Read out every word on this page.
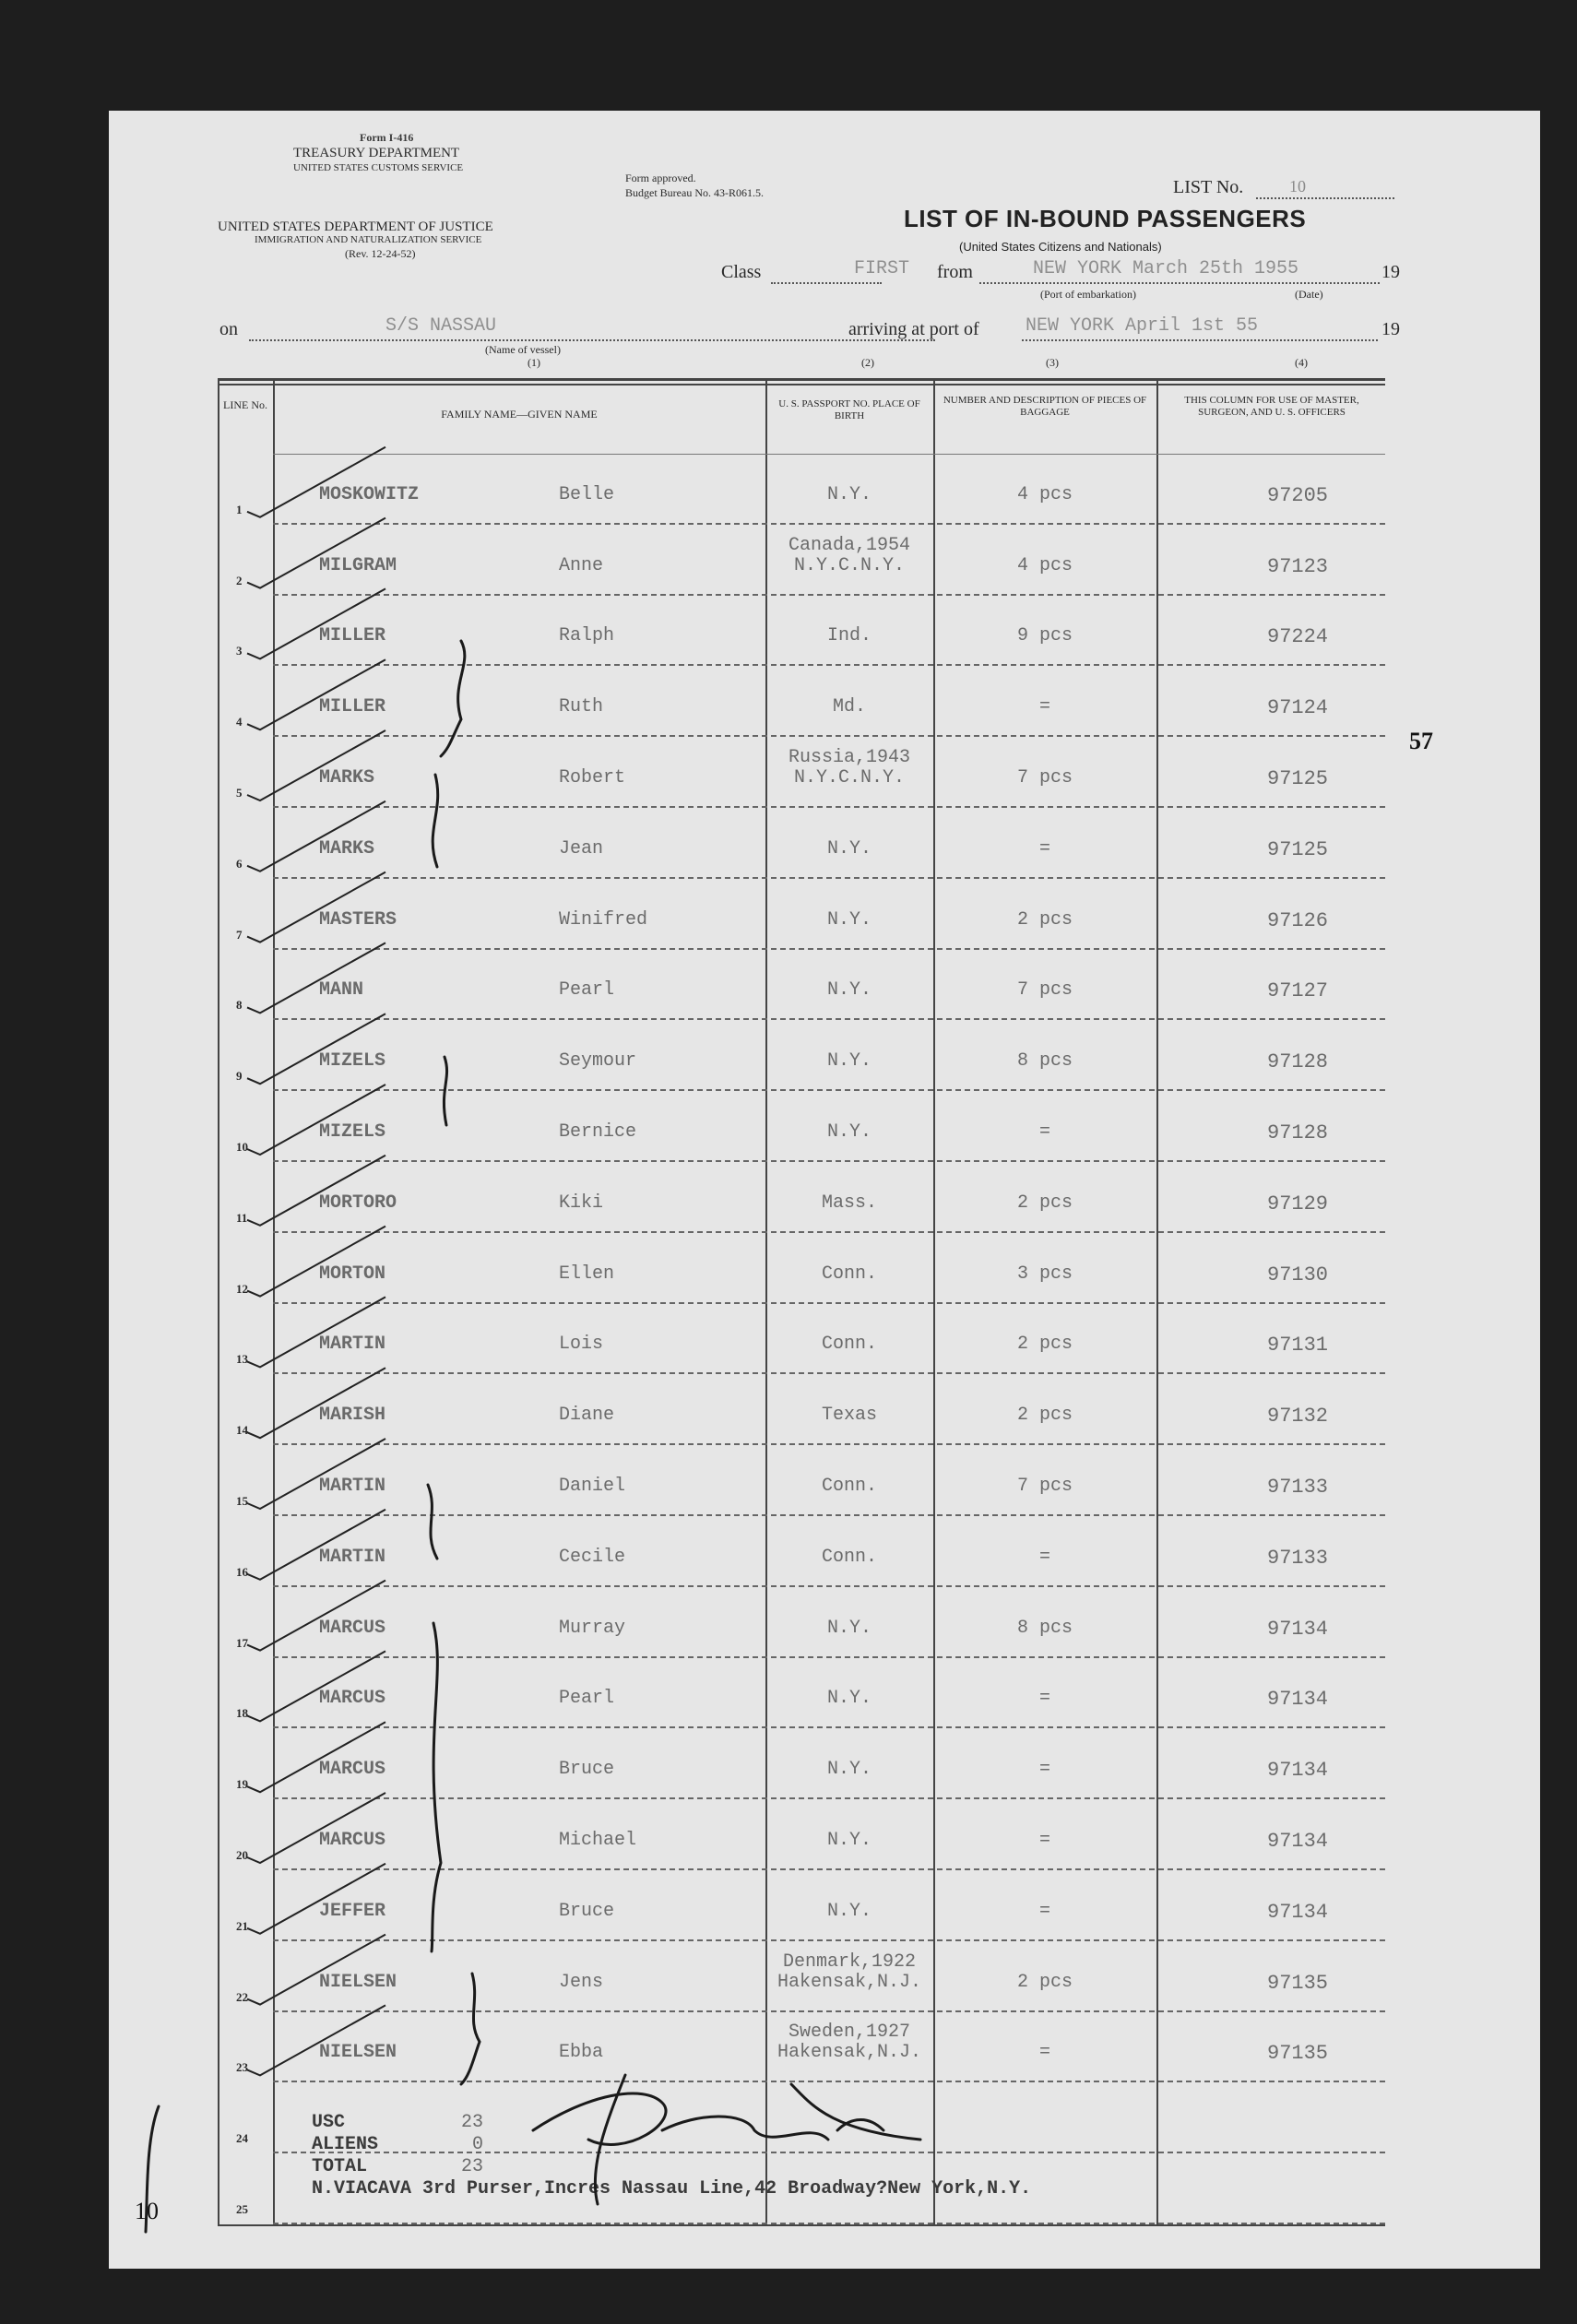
Form I-416
TREASURY DEPARTMENT
UNITED STATES CUSTOMS SERVICE
UNITED STATES DEPARTMENT OF JUSTICE
IMMIGRATION AND NATURALIZATION SERVICE
(Rev. 12-24-52)
Form approved.
Budget Bureau No. 43-R061.5.	LIST No.	10
LIST OF IN-BOUND PASSENGERS
(United States Citizens and Nationals)
Class	FIRST from	NEW YORK March 25th 1955	19
(Port of embarkation)	(Date)
on	S/S NASSAU
(Name of vessel)
arriving at port of	NEW YORK April 1st 55	19
(1)	(2)	(3)	(4)
LINE No.
FAMILY NAME—GIVEN NAME
U. S. PASSPORT NO. PLACE OF BIRTH
NUMBER AND DESCRIPTION OF PIECES OF BAGGAGE
THIS COLUMN FOR USE OF MASTER, SURGEON, AND U. S. OFFICERS
1
MOSKOWITZ	Belle	N.Y.	4 pcs	97205
2
MILGRAM	Anne
Canada,1954
N.Y.C.N.Y.	4 pcs	97123
3
MILLER	Ralph	Ind.	9 pcs	97224
4
MILLER	Ruth	Md.	=	97124
5
MARKS	Robert
Russia,1943
N.Y.C.N.Y.	7 pcs	97125
6
MARKS	Jean	N.Y.	=	97125
7
MASTERS	Winifred	N.Y.	2 pcs	97126
8
MANN	Pearl	N.Y.	7 pcs	97127
9
MIZELS	Seymour	N.Y.	8 pcs	97128
10
MIZELS	Bernice	N.Y.	=	97128
11
MORTORO	Kiki	Mass.	2 pcs	97129
12
MORTON	Ellen	Conn.	3 pcs	97130
13
MARTIN	Lois	Conn.	2 pcs	97131
14
MARISH	Diane	Texas	2 pcs	97132
15
MARTIN	Daniel	Conn.	7 pcs	97133
16
MARTIN	Cecile	Conn.	=	97133
17
MARCUS	Murray	N.Y.	8 pcs	97134
18
MARCUS	Pearl	N.Y.	=	97134
19
MARCUS	Bruce	N.Y.	=	97134
20
MARCUS	Michael	N.Y.	=	97134
21
JEFFER	Bruce	N.Y.	=	97134
22
NIELSEN	Jens
Denmark,1922
Hakensak,N.J.	2 pcs	97135
23
NIELSEN	Ebba
Sweden,1927
Hakensak,N.J.	=	97135
24
25
USC	23
ALIENS	0
TOTAL	23
N.VIACAVA 3rd Purser,Incres Nassau Line,42 Broadway?New York,N.Y.
57
10
